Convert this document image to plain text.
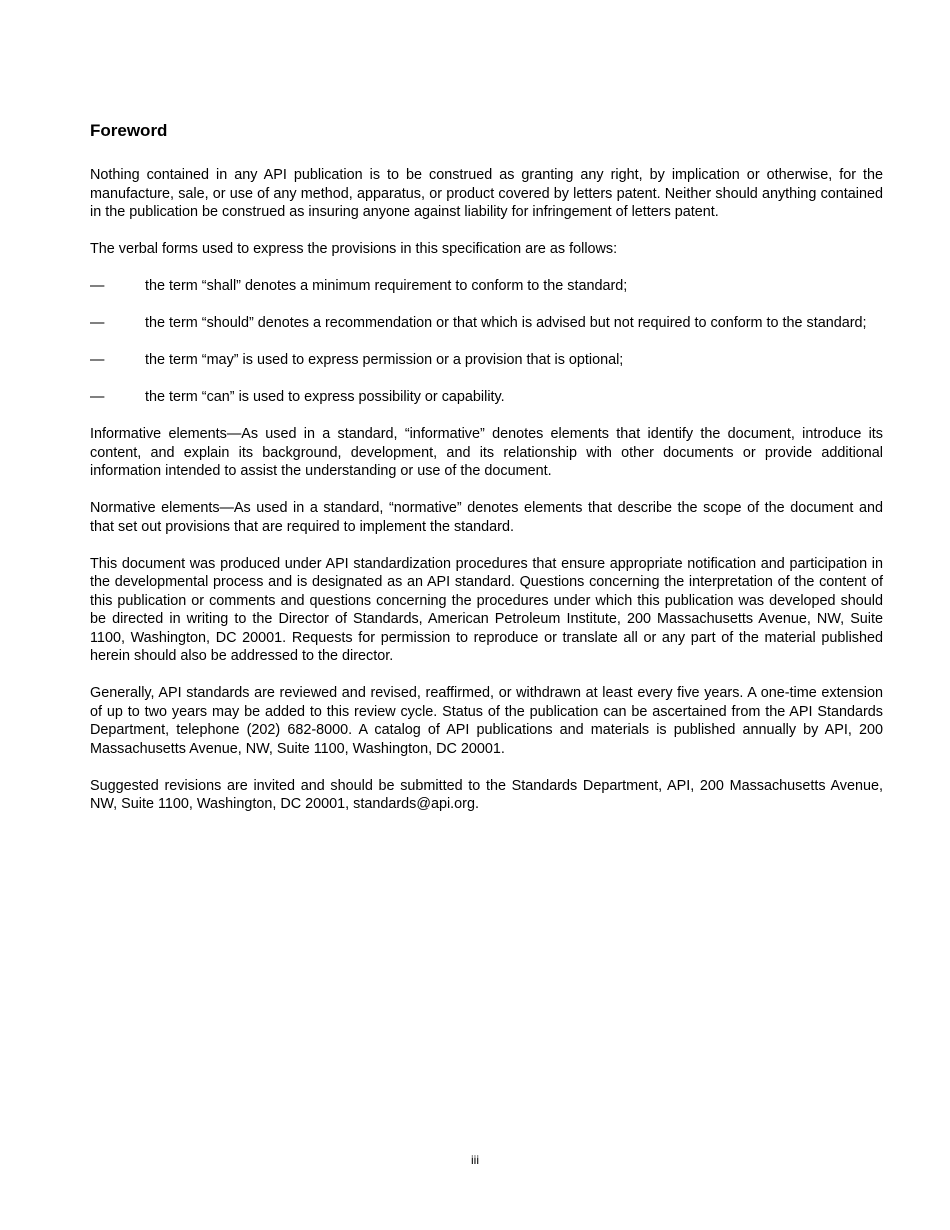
Foreword

Nothing contained in any API publication is to be construed as granting any right, by implication or otherwise, for the manufacture, sale, or use of any method, apparatus, or product covered by letters patent. Neither should anything contained in the publication be construed as insuring anyone against liability for infringement of letters patent.

The verbal forms used to express the provisions in this specification are as follows:

—	the term “shall” denotes a minimum requirement to conform to the standard;

—	the term “should” denotes a recommendation or that which is advised but not required to conform to the standard;

—	the term “may” is used to express permission or a provision that is optional;

—	the term “can” is used to express possibility or capability.

Informative elements—As used in a standard, “informative” denotes elements that identify the document, introduce its content, and explain its background, development, and its relationship with other documents or provide additional information intended to assist the understanding or use of the document.

Normative elements—As used in a standard, “normative” denotes elements that describe the scope of the document and that set out provisions that are required to implement the standard.

This document was produced under API standardization procedures that ensure appropriate notification and participation in the developmental process and is designated as an API standard. Questions concerning the interpretation of the content of this publication or comments and questions concerning the procedures under which this publication was developed should be directed in writing to the Director of Standards, American Petroleum Institute, 200 Massachusetts Avenue, NW, Suite 1100, Washington, DC 20001. Requests for permission to reproduce or translate all or any part of the material published herein should also be addressed to the director.

Generally, API standards are reviewed and revised, reaffirmed, or withdrawn at least every five years. A one-time extension of up to two years may be added to this review cycle. Status of the publication can be ascertained from the API Standards Department, telephone (202) 682-8000. A catalog of API publications and materials is published annually by API, 200 Massachusetts Avenue, NW, Suite 1100, Washington, DC 20001.

Suggested revisions are invited and should be submitted to the Standards Department, API, 200 Massachusetts Avenue, NW, Suite 1100, Washington, DC 20001, standards@api.org.

iii
